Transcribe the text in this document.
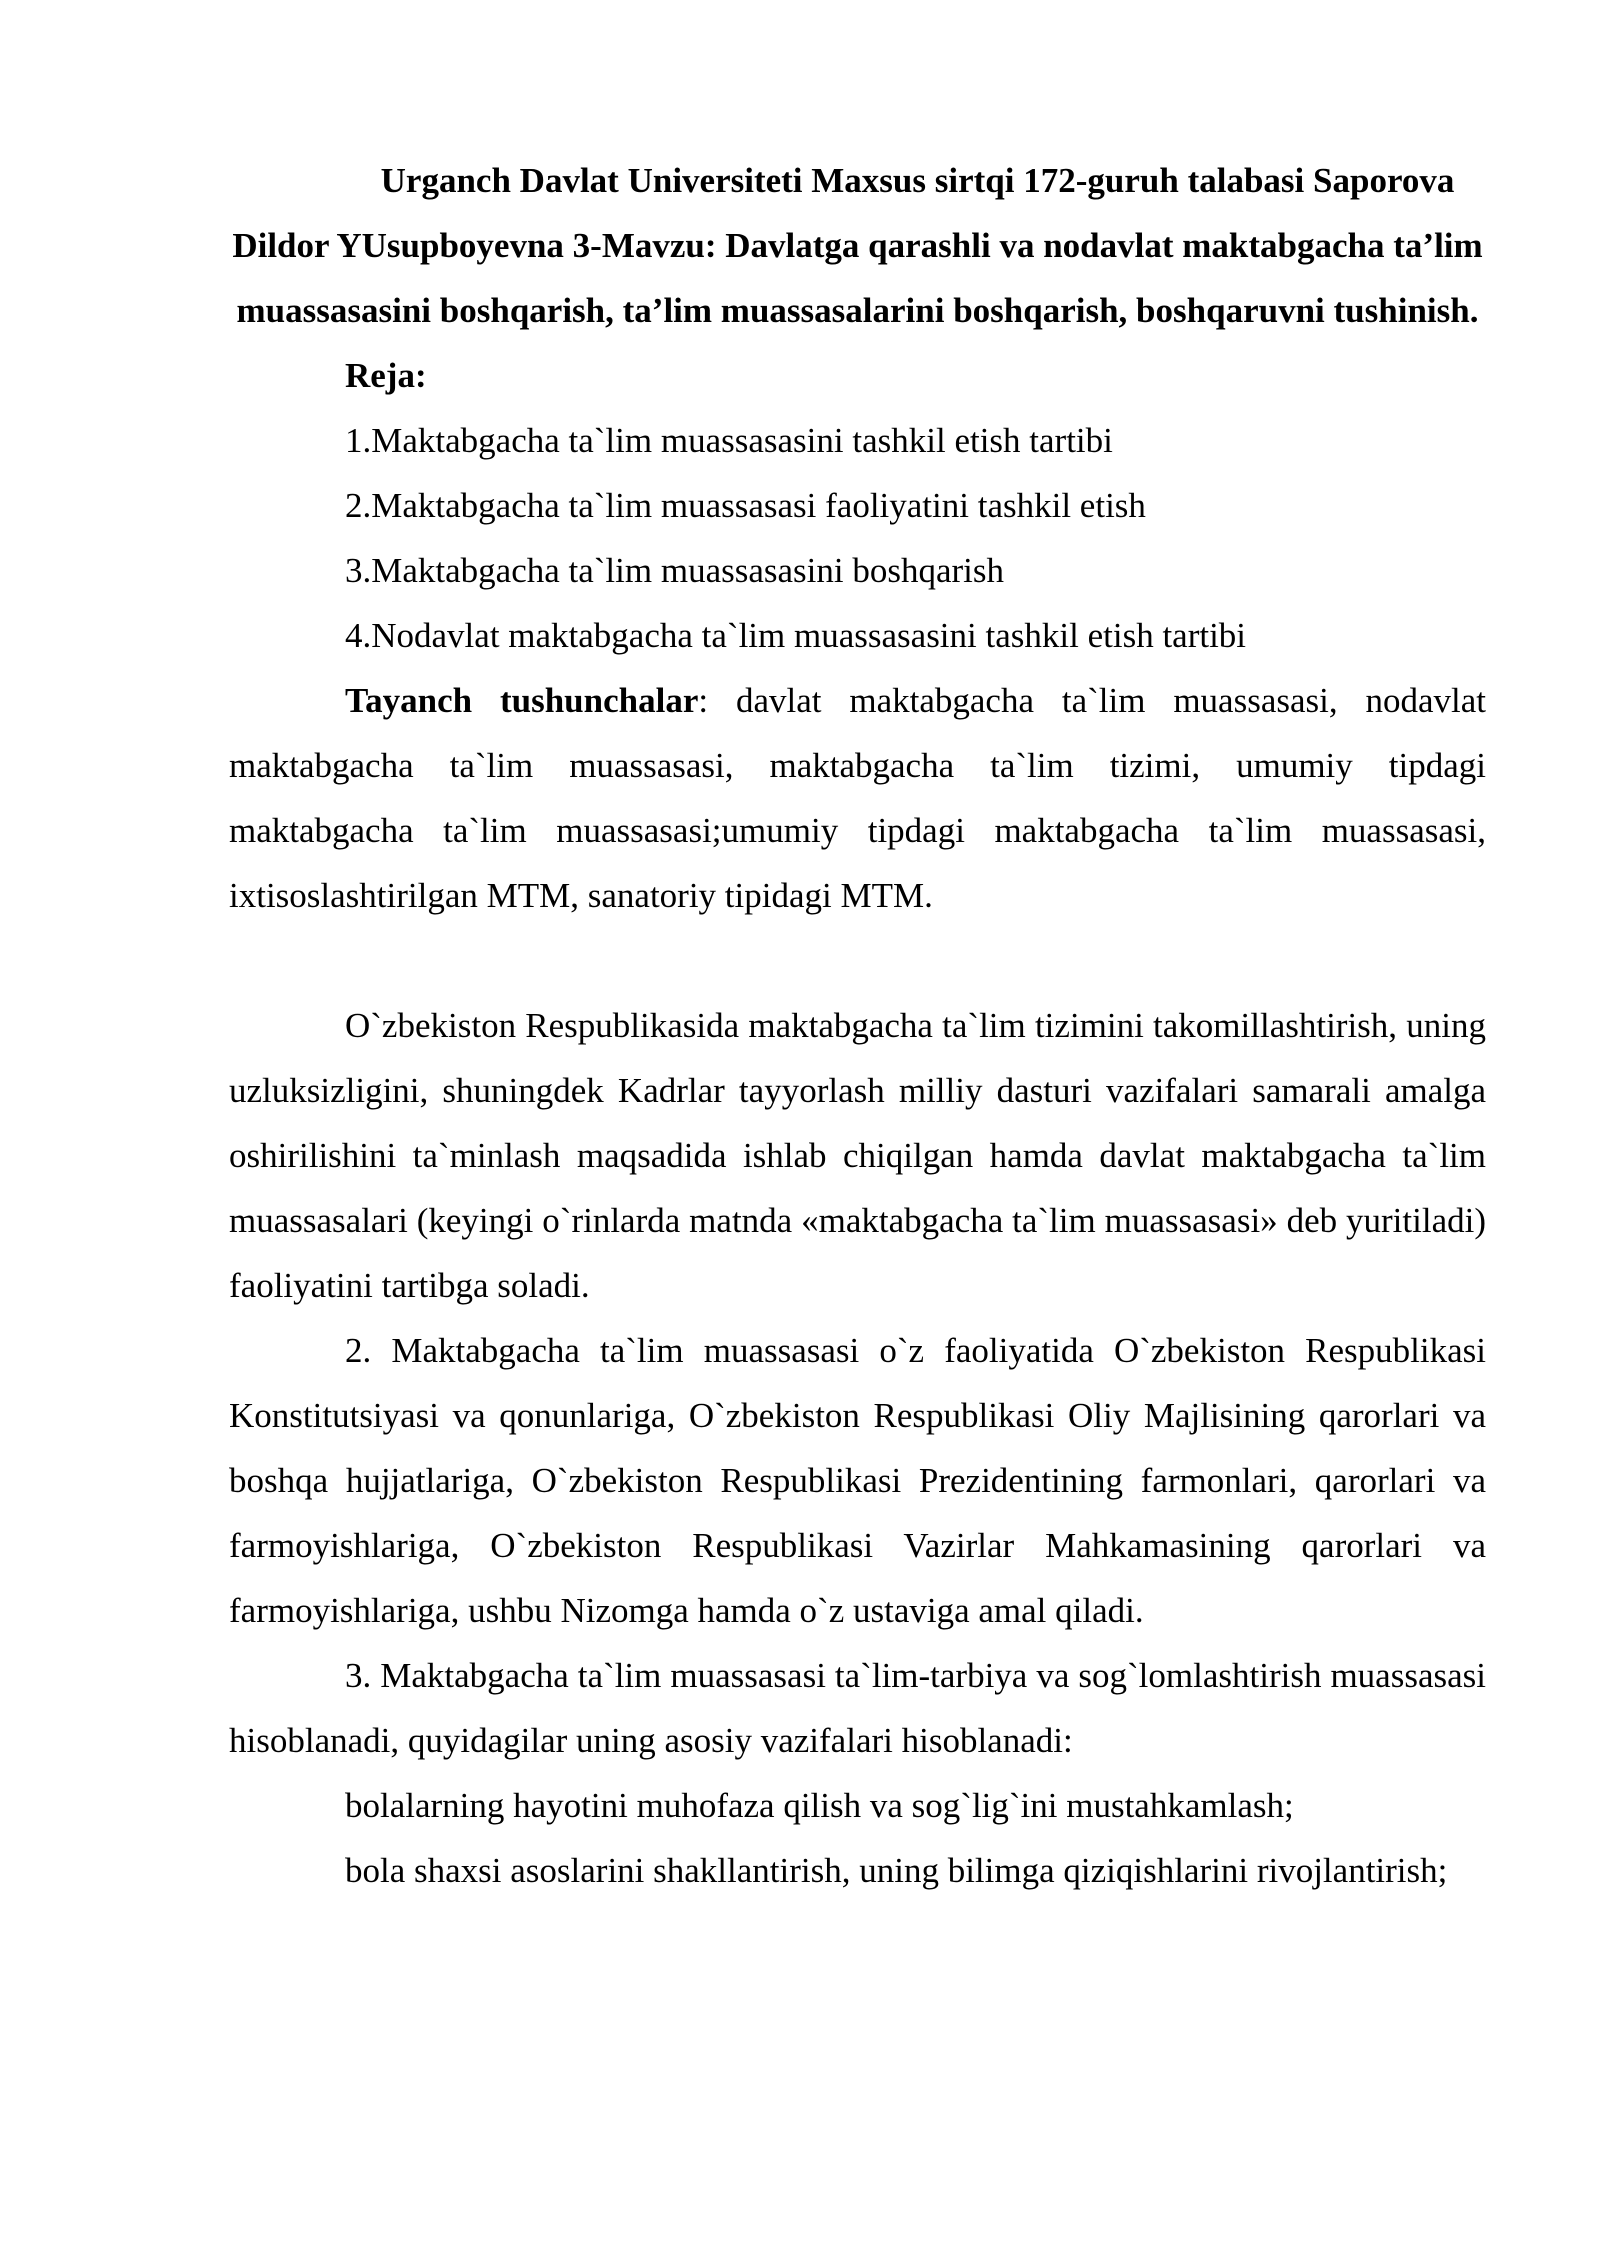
Urganch Davlat Universiteti Maxsus sirtqi 172-guruh talabasi Saporova Dildor YUsupboyevna 3-Mavzu: Davlatga qarashli va nodavlat maktabgacha ta’lim muassasasini boshqarish, ta’lim muassasalarini boshqarish, boshqaruvni tushinish.

Reja:

1.Maktabgacha ta`lim muassasasini tashkil etish tartibi

2.Maktabgacha ta`lim muassasasi faoliyatini tashkil etish

3.Maktabgacha ta`lim muassasasini boshqarish

4.Nodavlat maktabgacha ta`lim muassasasini tashkil etish tartibi

Tayanch tushunchalar: davlat maktabgacha ta`lim muassasasi, nodavlat maktabgacha ta`lim muassasasi, maktabgacha ta`lim tizimi, umumiy tipdagi maktabgacha ta`lim muassasasi;umumiy tipdagi maktabgacha ta`lim muassasasi, ixtisoslashtirilgan MTM, sanatoriy tipidagi MTM.

O`zbekiston Respublikasida maktabgacha ta`lim tizimini takomillashtirish, uning uzluksizligini, shuningdek Kadrlar tayyorlash milliy dasturi vazifalari samarali amalga oshirilishini ta`minlash maqsadida ishlab chiqilgan hamda davlat maktabgacha ta`lim muassasalari (keyingi o`rinlarda matnda «maktabgacha ta`lim muassasasi» deb yuritiladi) faoliyatini tartibga soladi.

2. Maktabgacha ta`lim muassasasi o`z faoliyatida O`zbekiston Respublikasi Konstitutsiyasi va qonunlariga, O`zbekiston Respublikasi Oliy Majlisining qarorlari va boshqa hujjatlariga, O`zbekiston Respublikasi Prezidentining farmonlari, qarorlari va farmoyishlariga, O`zbekiston Respublikasi Vazirlar Mahkamasining qarorlari va farmoyishlariga, ushbu Nizomga hamda o`z ustaviga amal qiladi.

3. Maktabgacha ta`lim muassasasi ta`lim-tarbiya va sog`lomlashtirish muassasasi hisoblanadi, quyidagilar uning asosiy vazifalari hisoblanadi:

bolalarning hayotini muhofaza qilish va sog`lig`ini mustahkamlash;

bola shaxsi asoslarini shakllantirish, uning bilimga qiziqishlarini rivojlantirish;
